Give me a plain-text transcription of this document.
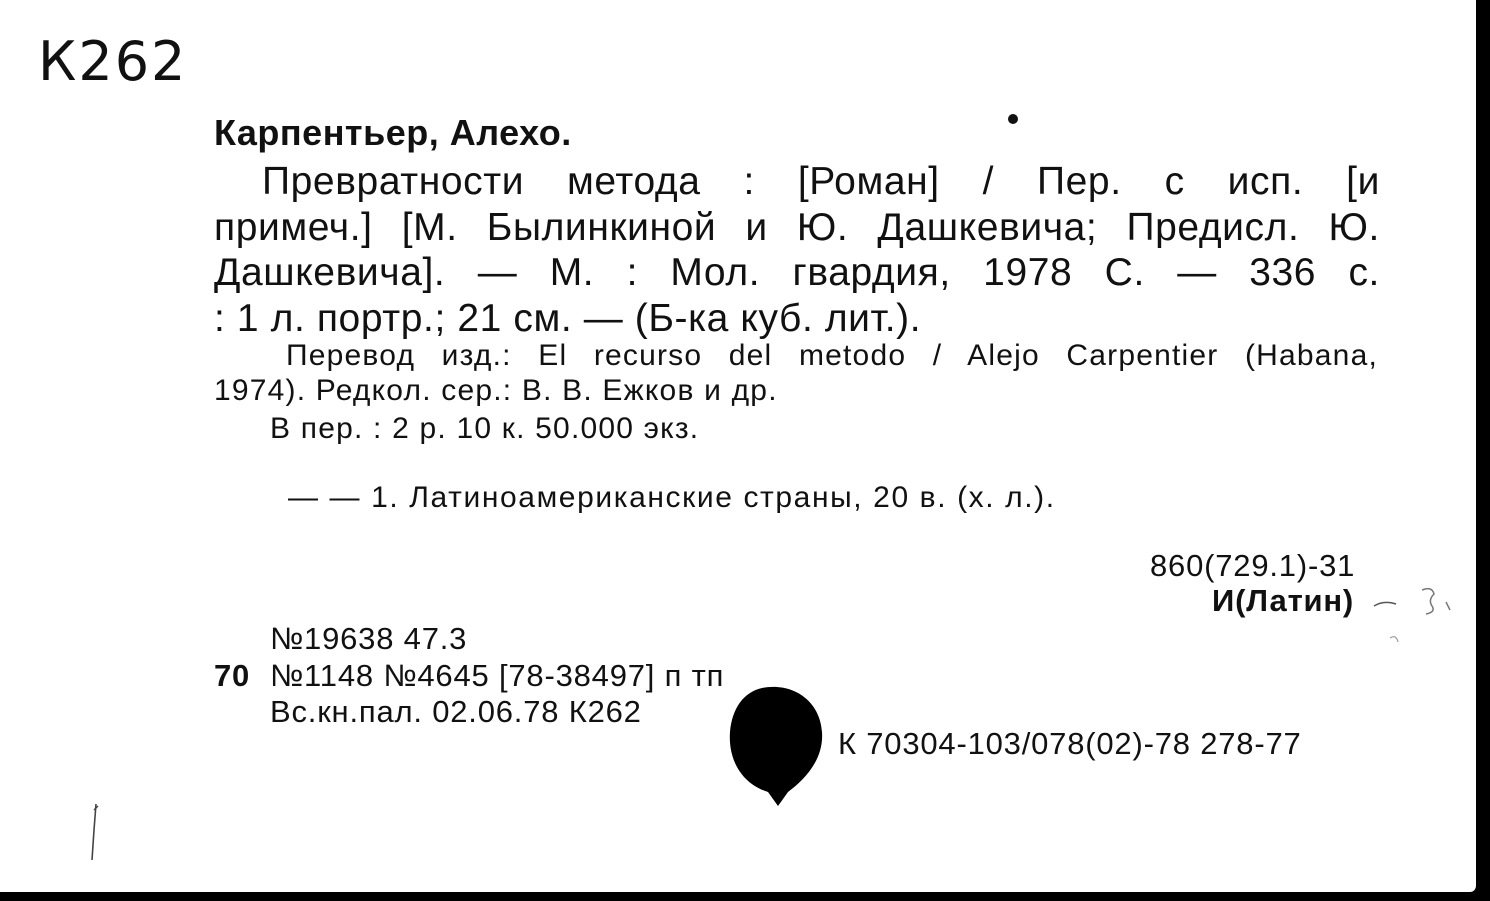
К262
Карпентьер, Алехо.
Превратности метода : [Роман] / Пер. с исп. [и
примеч.] [М. Былинкиной и Ю. Дашкевича; Предисл. Ю.
Дашкевича]. — М. : Мол. гвардия, 1978 С. — 336 с.
: 1 л. портр.; 21 см. — (Б-ка куб. лит.).
Перевод изд.: El recurso del metodo / Alejo Carpentier (Habana,
1974). Редкол. сер.: В. В. Ежков и др.
В пер. : 2 р. 10 к. 50.000 экз.
— — 1. Латиноамериканские страны, 20 в. (х. л.).
860(729.1)-31
И(Латин)
№19638 47.3
70 №1148 №4645 [78-38497] п тп
Вс.кн.пал. 02.06.78 К262
К 70304-103/078(02)-78 278-77
